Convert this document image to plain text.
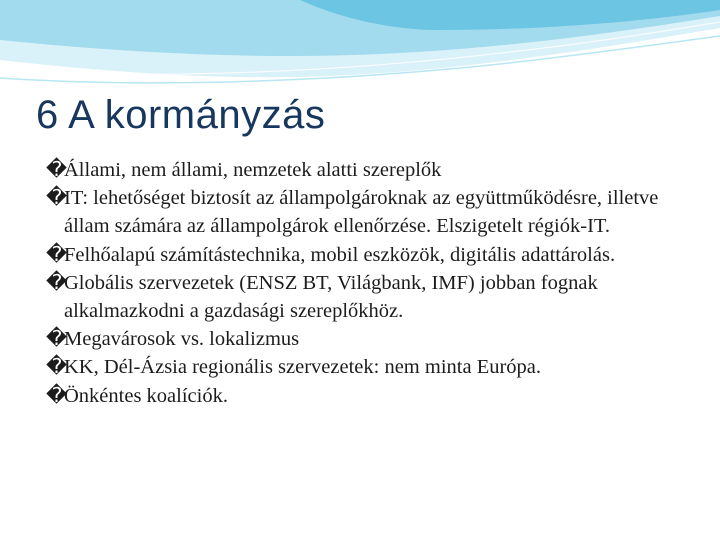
6 A kormányzás
�
Állami, nem állami, nemzetek alatti szereplők
�
IT: lehetőséget biztosít az állampolgároknak az együttműködésre, illetve állam számára az állampolgárok ellenőrzése. Elszigetelt régiók-IT.
�
Felhőalapú számítástechnika, mobil eszközök, digitális adattárolás.
�
Globális szervezetek (ENSZ BT, Világbank, IMF) jobban fognak alkalmazkodni a gazdasági szereplőkhöz.
�
Megavárosok vs. lokalizmus
�
KK, Dél-Ázsia regionális szervezetek: nem minta Európa.
�
Önkéntes koalíciók.
